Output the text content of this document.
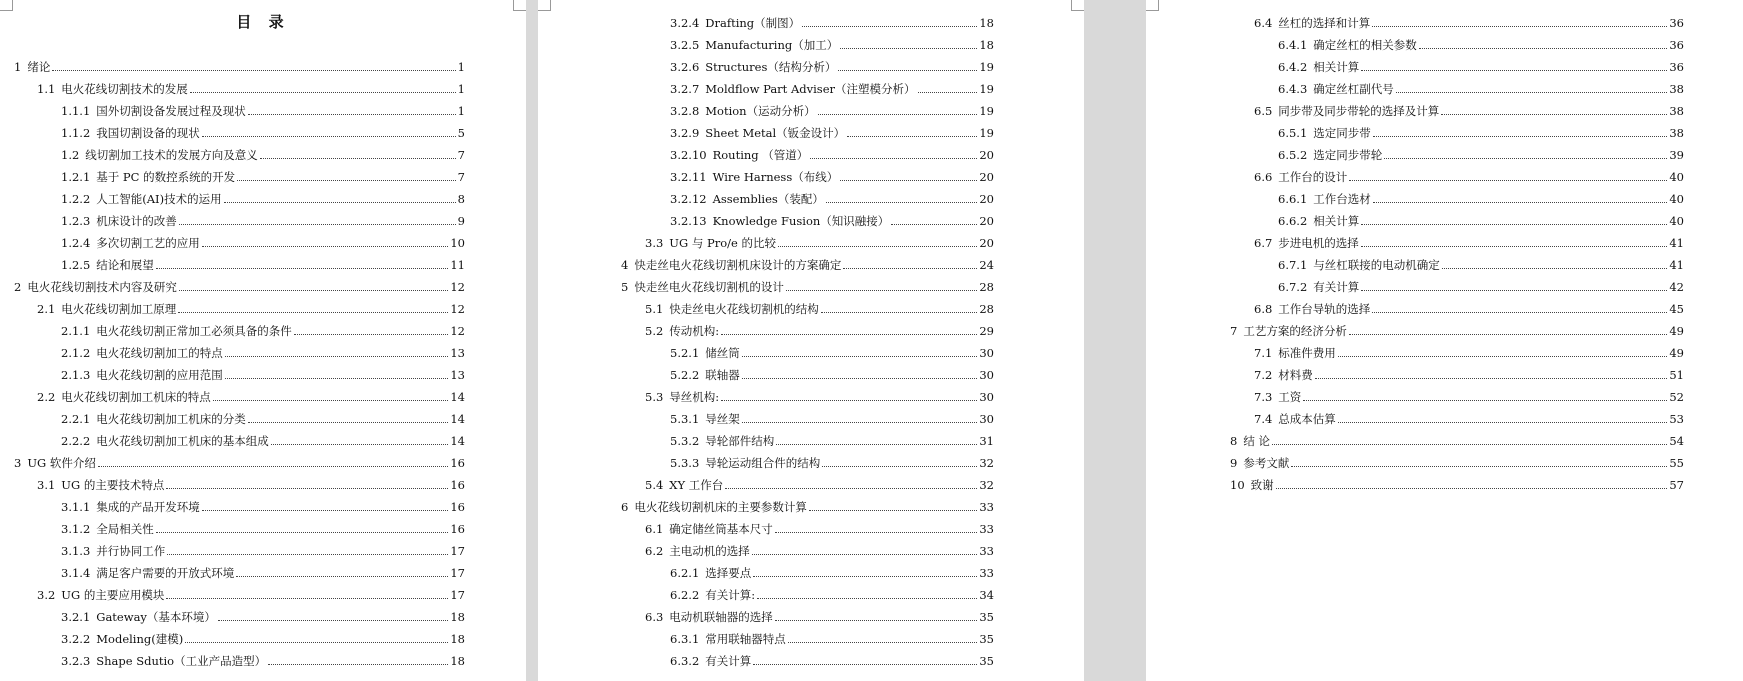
目 录
1 绪论	1
1.1 电火花线切割技术的发展	1
1.1.1 国外切割设备发展过程及现状	1
1.1.2 我国切割设备的现状	5
1.2 线切割加工技术的发展方向及意义	7
1.2.1 基于 PC 的数控系统的开发	7
1.2.2 人工智能(AI)技术的运用	8
1.2.3 机床设计的改善	9
1.2.4 多次切割工艺的应用	10
1.2.5 结论和展望	11
2 电火花线切割技术内容及研究	12
2.1 电火花线切割加工原理	12
2.1.1 电火花线切割正常加工必须具备的条件	12
2.1.2 电火花线切割加工的特点	13
2.1.3 电火花线切割的应用范围	13
2.2 电火花线切割加工机床的特点	14
2.2.1 电火花线切割加工机床的分类	14
2.2.2 电火花线切割加工机床的基本组成	14
3 UG 软件介绍	16
3.1 UG 的主要技术特点	16
3.1.1 集成的产品开发环境	16
3.1.2 全局相关性	16
3.1.3 并行协同工作	17
3.1.4 满足客户需要的开放式环境	17
3.2 UG 的主要应用模块	17
3.2.1 Gateway（基本环境）	18
3.2.2 Modeling(建模)	18
3.2.3 Shape Sdutio（工业产品造型）	18
3.2.4 Drafting（制图）	18
3.2.5 Manufacturing（加工）	18
3.2.6 Structures（结构分析）	19
3.2.7 Moldflow Part Adviser（注塑模分析）	19
3.2.8 Motion（运动分析）	19
3.2.9 Sheet Metal（钣金设计）	19
3.2.10 Routing （管道）	20
3.2.11 Wire Harness（布线）	20
3.2.12 Assemblies（装配）	20
3.2.13 Knowledge Fusion（知识融接）	20
3.3 UG 与 Pro/e 的比较	20
4 快走丝电火花线切割机床设计的方案确定	24
5 快走丝电火花线切割机的设计	28
5.1 快走丝电火花线切割机的结构	28
5.2 传动机构:	29
5.2.1 储丝筒	30
5.2.2 联轴器	30
5.3 导丝机构:	30
5.3.1 导丝架	30
5.3.2 导轮部件结构	31
5.3.3 导轮运动组合件的结构	32
5.4 XY 工作台	32
6 电火花线切割机床的主要参数计算	33
6.1 确定储丝筒基本尺寸	33
6.2 主电动机的选择	33
6.2.1 选择要点	33
6.2.2 有关计算:	34
6.3 电动机联轴器的选择	35
6.3.1 常用联轴器特点	35
6.3.2 有关计算	35
6.4 丝杠的选择和计算	36
6.4.1 确定丝杠的相关参数	36
6.4.2 相关计算	36
6.4.3 确定丝杠副代号	38
6.5 同步带及同步带轮的选择及计算	38
6.5.1 选定同步带	38
6.5.2 选定同步带轮	39
6.6 工作台的设计	40
6.6.1 工作台选材	40
6.6.2 相关计算	40
6.7 步进电机的选择	41
6.7.1 与丝杠联接的电动机确定	41
6.7.2 有关计算	42
6.8 工作台导轨的选择	45
7 工艺方案的经济分析	49
7.1 标准件费用	49
7.2 材料费	51
7.3 工资	52
7.4 总成本估算	53
8 结 论	54
9 参考文献	55
10 致谢	57
